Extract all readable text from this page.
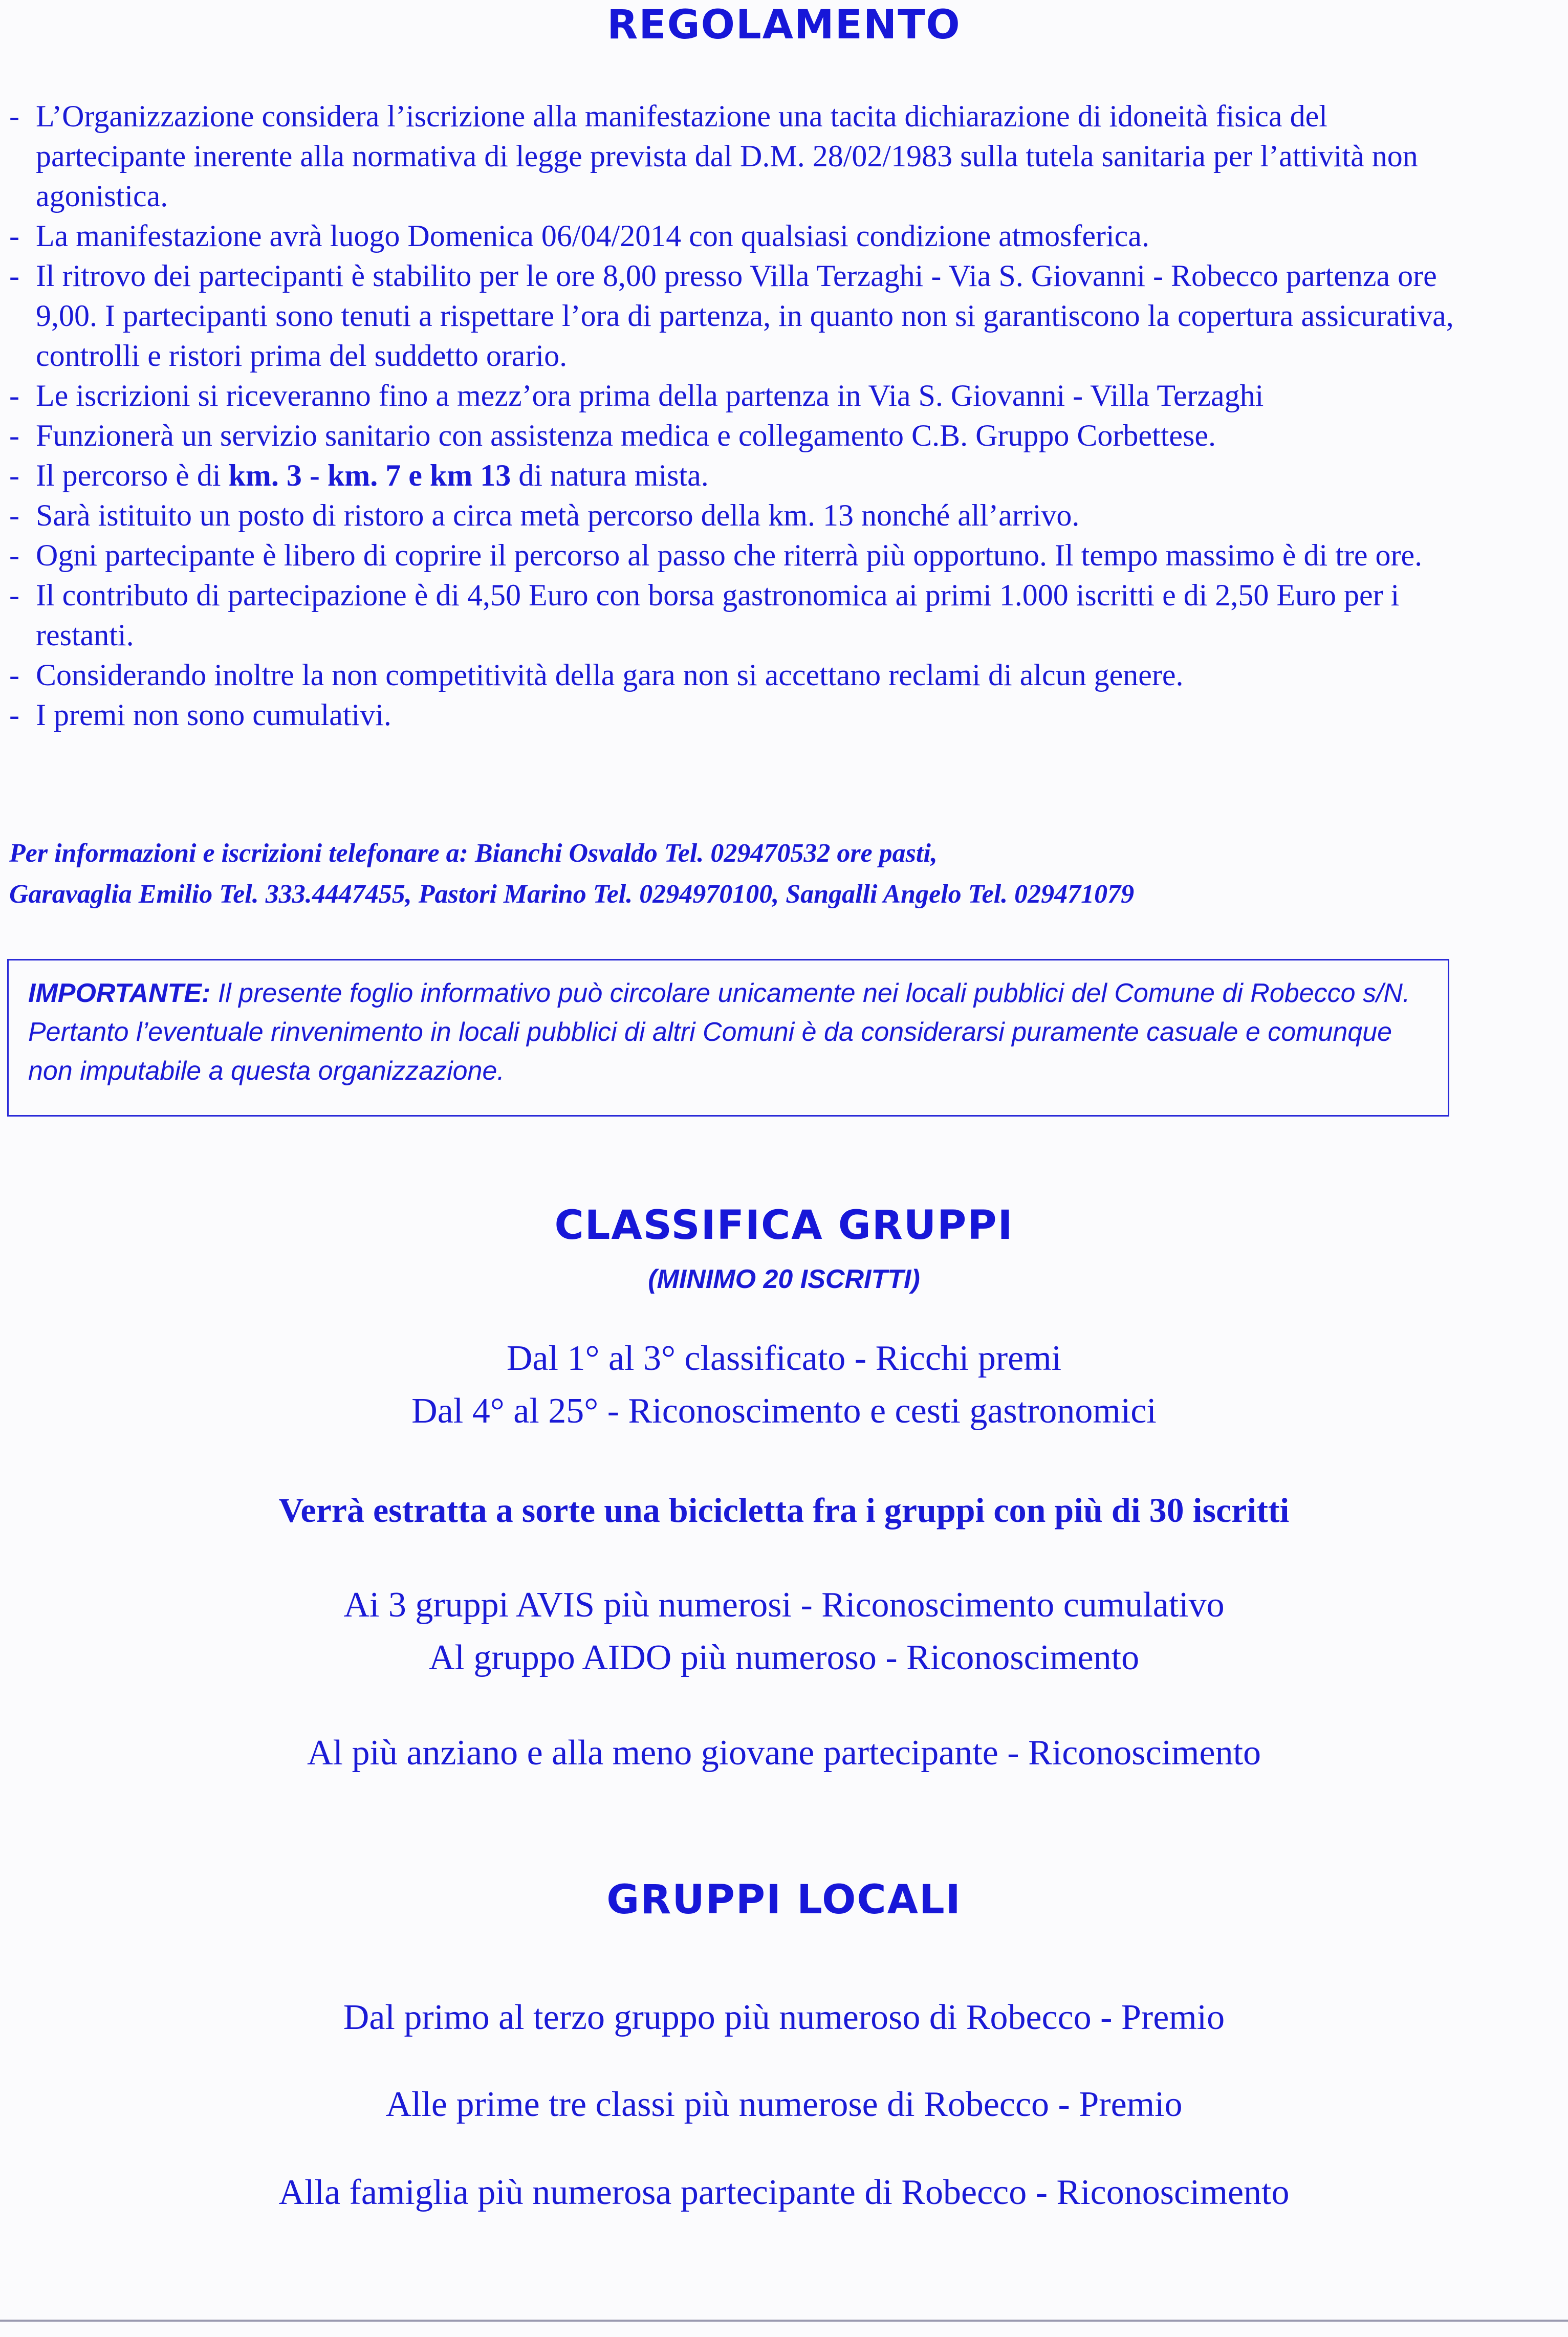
REGOLAMENTO
- L’Organizzazione considera l’iscrizione alla manifestazione una tacita dichiarazione di idoneità fisica del partecipante inerente alla normativa di legge prevista dal D.M. 28/02/1983 sulla tutela sanitaria per l’attività non agonistica.
- La manifestazione avrà luogo Domenica 06/04/2014 con qualsiasi condizione atmosferica.
- Il ritrovo dei partecipanti è stabilito per le ore 8,00 presso Villa Terzaghi - Via S. Giovanni - Robecco partenza ore 9,00. I partecipanti sono tenuti a rispettare l’ora di partenza, in quanto non si garantiscono la copertura assicurativa, controlli e ristori prima del suddetto orario.
- Le iscrizioni si riceveranno fino a mezz’ora prima della partenza in Via S. Giovanni - Villa Terzaghi
- Funzionerà un servizio sanitario con assistenza medica e collegamento C.B. Gruppo Corbettese.
- Il percorso è di km. 3 - km. 7 e km 13 di natura mista.
- Sarà istituito un posto di ristoro a circa metà percorso della km. 13 nonché all’arrivo.
- Ogni partecipante è libero di coprire il percorso al passo che riterrà più opportuno. Il tempo massimo è di tre ore.
- Il contributo di partecipazione è di 4,50 Euro con borsa gastronomica ai primi 1.000 iscritti e di 2,50 Euro per i restanti.
- Considerando inoltre la non competitività della gara non si accettano reclami di alcun genere.
- I premi non sono cumulativi.
Per informazioni e iscrizioni telefonare a: Bianchi Osvaldo Tel. 029470532 ore pasti,
Garavaglia Emilio Tel. 333.4447455, Pastori Marino Tel. 0294970100, Sangalli Angelo Tel. 029471079
IMPORTANTE: Il presente foglio informativo può circolare unicamente nei locali pubblici del Comune di Robecco s/N. Pertanto l’eventuale rinvenimento in locali pubblici di altri Comuni è da considerarsi puramente casuale e comunque non imputabile a questa organizzazione.
CLASSIFICA GRUPPI
(MINIMO 20 ISCRITTI)
Dal 1° al 3° classificato - Ricchi premi
Dal 4° al 25° - Riconoscimento e cesti gastronomici
Verrà estratta a sorte una bicicletta fra i gruppi con più di 30 iscritti
Ai 3 gruppi AVIS più numerosi - Riconoscimento cumulativo
Al gruppo AIDO più numeroso - Riconoscimento
Al più anziano e alla meno giovane partecipante - Riconoscimento
GRUPPI LOCALI
Dal primo al terzo gruppo più numeroso di Robecco - Premio
Alle prime tre classi più numerose di Robecco - Premio
Alla famiglia più numerosa partecipante di Robecco - Riconoscimento
